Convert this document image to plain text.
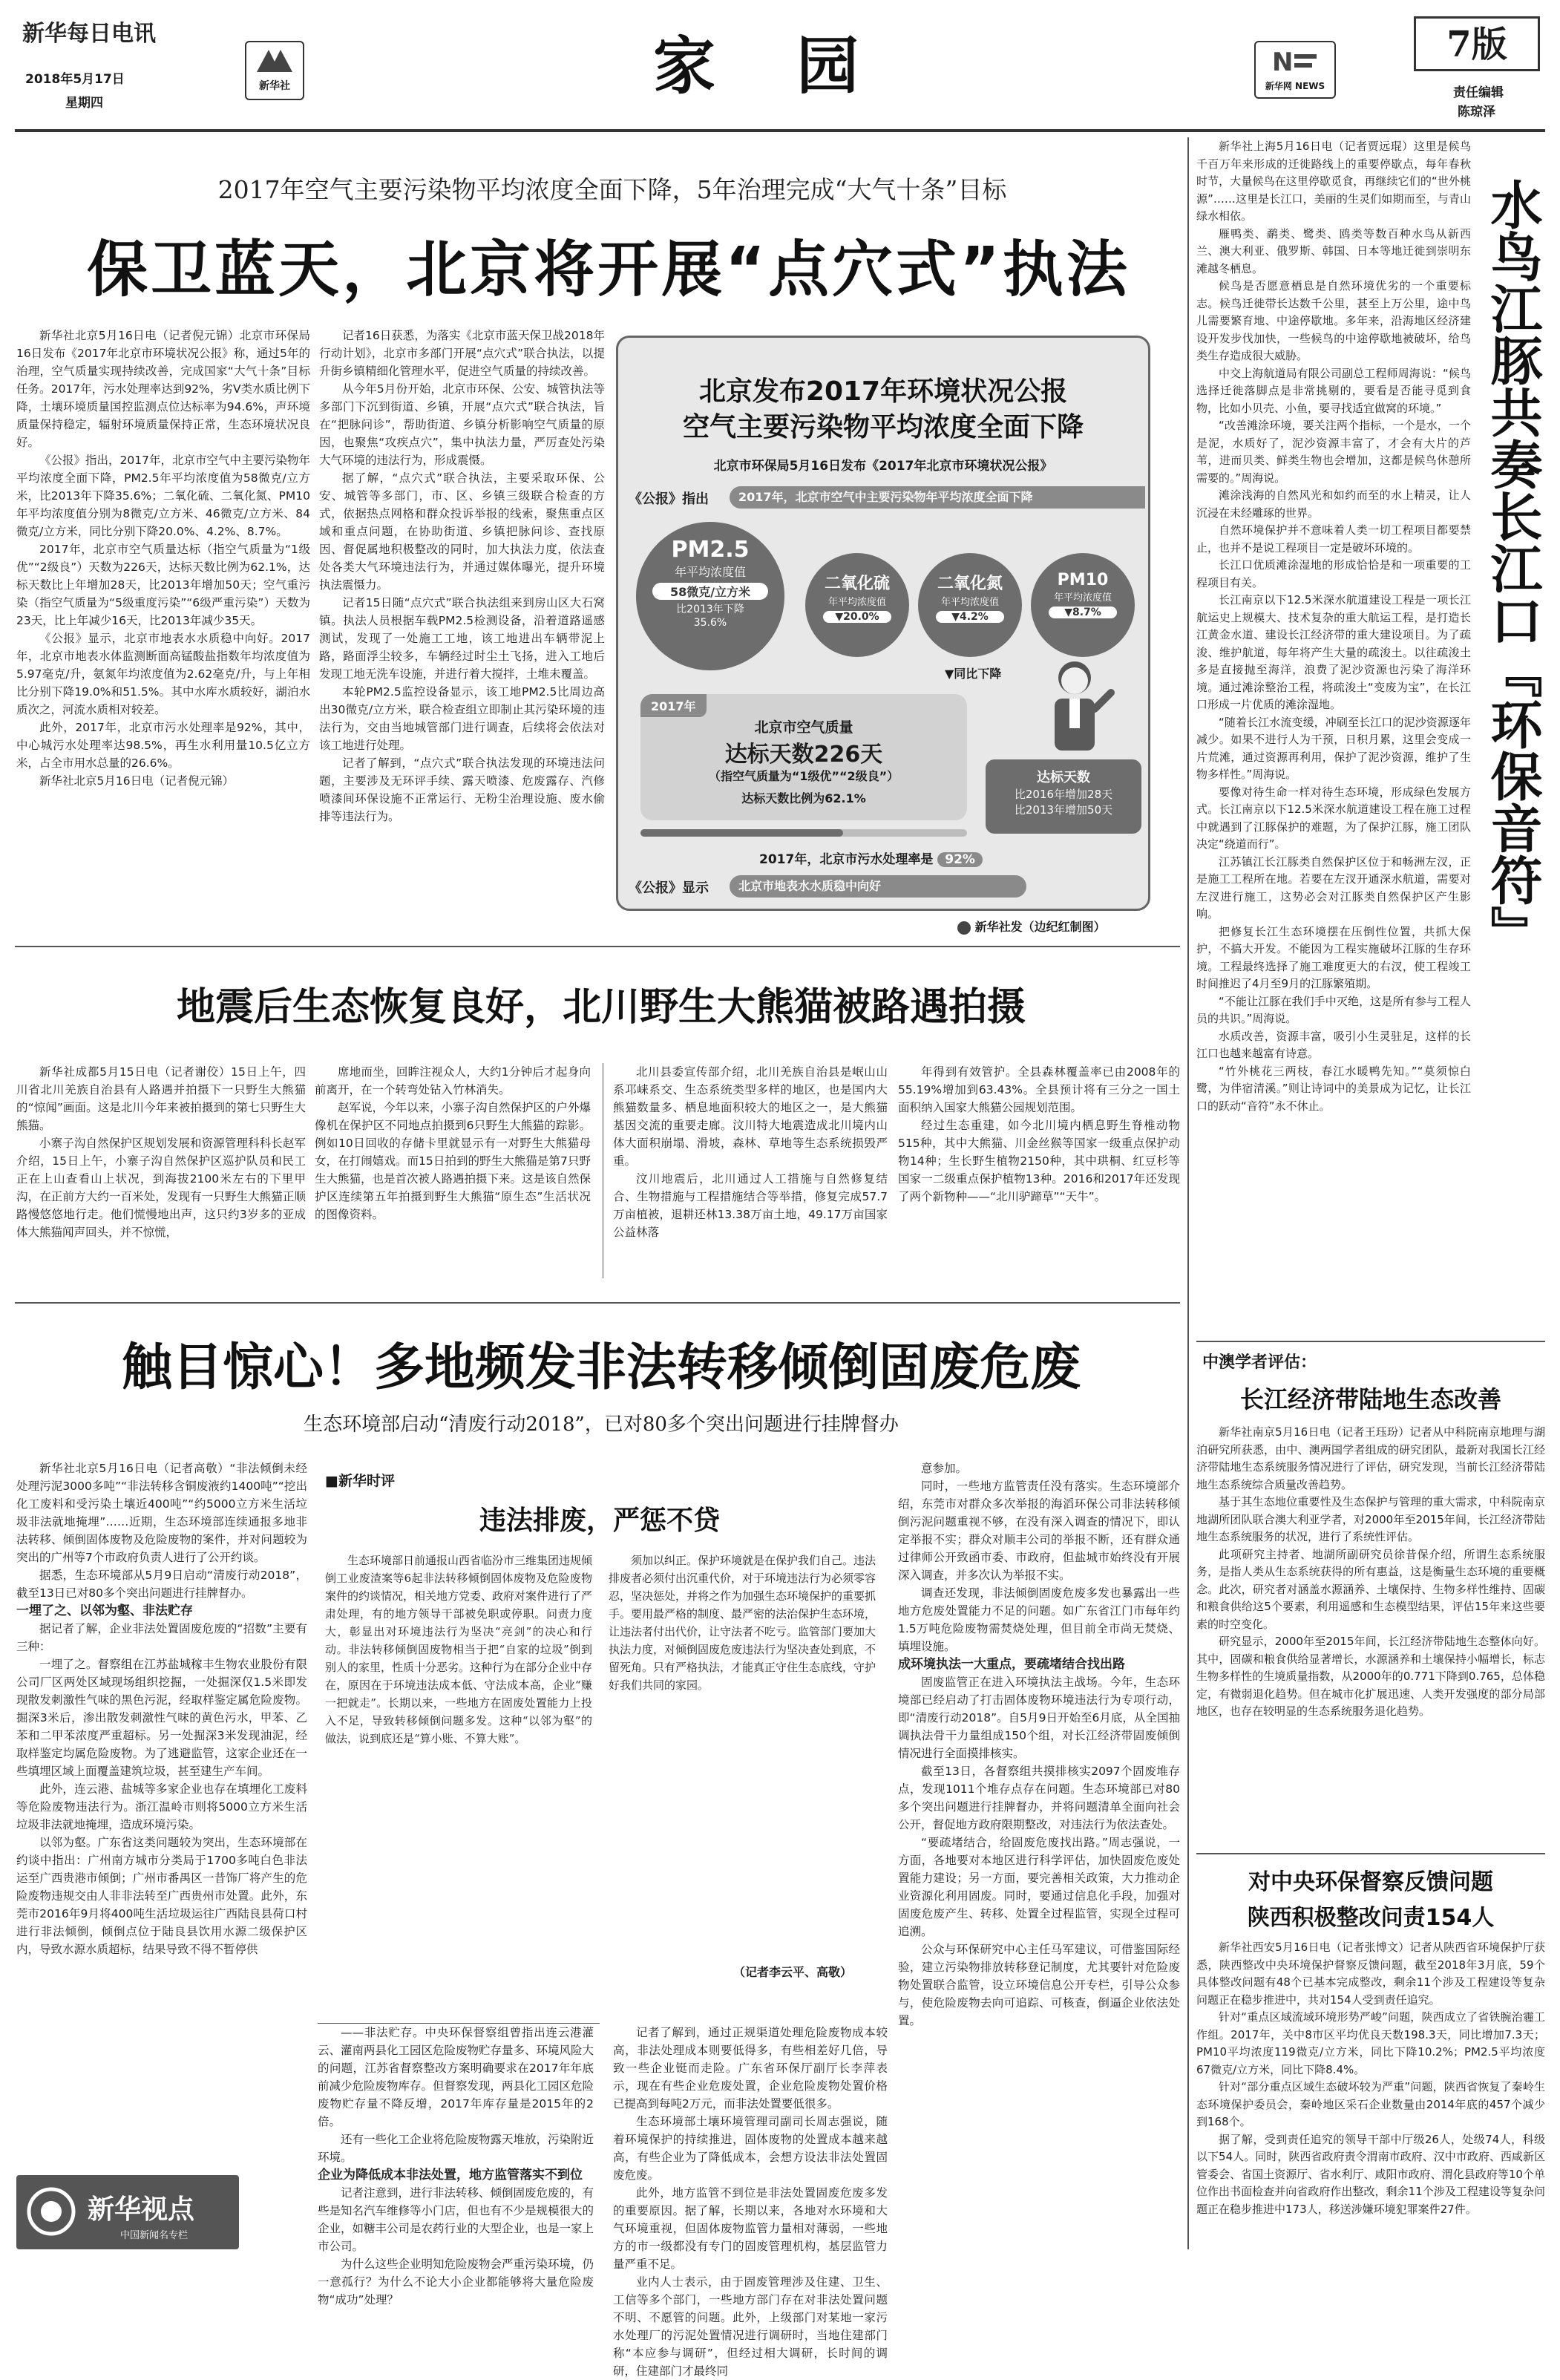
新华每日电讯
2018年5月17日
星期四
新华社	家 园	N
新华网 NEWS
7版
责任编辑
陈琼泽
2017年空气主要污染物平均浓度全面下降，5年治理完成“大气十条”目标
保卫蓝天，北京将开展“点穴式”执法

新华社北京5月16日电（记者倪元锦）北京市环保局16日发布《2017年北京市环境状况公报》称，通过5年的治理，空气质量实现持续改善，完成国家“大气十条”目标任务。2017年，污水处理率达到92%，劣V类水质比例下降，土壤环境质量国控监测点位达标率为94.6%，声环境质量保持稳定，辐射环境质量保持正常，生态环境状况良好。

《公报》指出，2017年，北京市空气中主要污染物年平均浓度全面下降，PM2.5年平均浓度值为58微克/立方米，比2013年下降35.6%；二氧化硫、二氧化氮、PM10年平均浓度值分别为8微克/立方米、46微克/立方米、84微克/立方米，同比分别下降20.0%、4.2%、8.7%。

2017年，北京市空气质量达标（指空气质量为“1级优”“2级良”）天数为226天，达标天数比例为62.1%，达标天数比上年增加28天，比2013年增加50天；空气重污染（指空气质量为“5级重度污染”“6级严重污染”）天数为23天，比上年减少16天，比2013年减少35天。

《公报》显示，北京市地表水水质稳中向好。2017年，北京市地表水体监测断面高锰酸盐指数年均浓度值为5.97毫克/升，氨氮年均浓度值为2.62毫克/升，与上年相比分别下降19.0%和51.5%。其中水库水质较好，湖泊水质次之，河流水质相对较差。

此外，2017年，北京市污水处理率是92%，其中，中心城污水处理率达98.5%，再生水利用量10.5亿立方米，占全市用水总量的26.6%。

新华社北京5月16日电（记者倪元锦）

记者16日获悉，为落实《北京市蓝天保卫战2018年行动计划》，北京市多部门开展“点穴式”联合执法，以提升街乡镇精细化管理水平，促进空气质量的持续改善。

从今年5月份开始，北京市环保、公安、城管执法等多部门下沉到街道、乡镇，开展“点穴式”联合执法，旨在“把脉问诊”，帮助街道、乡镇分析影响空气质量的原因，也聚焦“攻疾点穴”，集中执法力量，严厉查处污染大气环境的违法行为，形成震慑。

据了解，“点穴式”联合执法，主要采取环保、公安、城管等多部门，市、区、乡镇三级联合检查的方式，依据热点网格和群众投诉举报的线索，聚焦重点区域和重点问题，在协助街道、乡镇把脉问诊、查找原因、督促属地积极整改的同时，加大执法力度，依法查处各类大气环境违法行为，并通过媒体曝光，提升环境执法震慑力。

记者15日随“点穴式”联合执法组来到房山区大石窝镇。执法人员根据车载PM2.5检测设备，沿着道路遥感测试，发现了一处施工工地，该工地进出车辆带泥上路，路面浮尘较多，车辆经过时尘土飞扬，进入工地后发现工地无洗车设施，并进行着大搅拌，土堆未覆盖。

本轮PM2.5监控设备显示，该工地PM2.5比周边高出30微克/立方米，联合检查组立即制止其污染环境的违法行为，交由当地城管部门进行调查，后续将会依法对该工地进行处理。

记者了解到，“点穴式”联合执法发现的环境违法问题，主要涉及无环评手续、露天喷漆、危废露存、汽修喷漆间环保设施不正常运行、无粉尘治理设施、废水偷排等违法行为。

北京发布2017年环境状况公报
空气主要污染物平均浓度全面下降
北京市环保局5月16日发布《2017年北京市环境状况公报》
《公报》指出	2017年，北京市空气中主要污染物年平均浓度全面下降
PM2.5
年平均浓度值
58微克/立方米
比2013年下降35.6%
二氧化硫
年平均浓度值
▼20.0%
二氧化氮
年平均浓度值
▼4.2%
PM10
年平均浓度值
▼8.7%
▼同比下降
2017年
北京市空气质量
达标天数226天
（指空气质量为“1级优”“2级良”）
达标天数比例为62.1%
达标天数
比2016年增加28天
比2013年增加50天
2017年，北京市污水处理率是 92%
《公报》显示	北京市地表水水质稳中向好
新华社发（边纪红制图）
地震后生态恢复良好，北川野生大熊猫被路遇拍摄

新华社成都5月15日电（记者谢佼）15日上午，四川省北川羌族自治县有人路遇并拍摄下一只野生大熊猫的“惊闻”画面。这是北川今年来被拍摄到的第七只野生大熊猫。

小寨子沟自然保护区规划发展和资源管理科科长赵军介绍，15日上午，小寨子沟自然保护区巡护队员和民工正在上山查看山上状况，到海拔2100米左右的下里甲沟，在正前方大约一百米处，发现有一只野生大熊猫正顺路慢悠悠地行走。他们慌慢地出声，这只约3岁多的亚成体大熊猫闻声回头，并不惊慌，

席地而坐，回眸注视众人，大约1分钟后才起身向前离开，在一个转弯处钻入竹林消失。

赵军说，今年以来，小寨子沟自然保护区的户外爆像机在保护区不同地点拍摄到6只野生大熊猫的踪影。例如10日回收的存储卡里就显示有一对野生大熊猫母女，在打闹嬉戏。而15日拍到的野生大熊猫是第7只野生大熊猫，也是首次被人路遇拍摄下来。这是该自然保护区连续第五年拍摄到野生大熊猫“原生态”生活状况的图像资料。

北川县委宣传部介绍，北川羌族自治县是岷山山系邛崃系交、生态系统类型多样的地区，也是国内大熊猫数量多、栖息地面积较大的地区之一，是大熊猫基因交流的重要走廊。汶川特大地震造成北川境内山体大面积崩塌、滑坡，森林、草地等生态系统损毁严重。

汶川地震后，北川通过人工措施与自然修复结合、生物措施与工程措施结合等举措，修复完成57.7万亩植被，退耕还林13.38万亩土地，49.17万亩国家公益林落

年得到有效管护。全县森林覆盖率已由2008年的55.19%增加到63.43%。全县预计将有三分之一国土面积纳入国家大熊猫公园规划范围。

经过生态重建，如今北川境内栖息野生脊椎动物515种，其中大熊猫、川金丝猴等国家一级重点保护动物14种；生长野生植物2150种，其中珙桐、红豆杉等国家一二级重点保护植物13种。2016和2017年还发现了两个新物种——“北川驴蹄草”“天牛”。

触目惊心！多地频发非法转移倾倒固废危废
生态环境部启动“清废行动2018”，已对80多个突出问题进行挂牌督办

新华社北京5月16日电（记者高敬）“非法倾倒未经处理污泥3000多吨”“非法转移含铜废液约1400吨”“挖出化工废料和受污染土壤近400吨”“约5000立方米生活垃圾非法就地掩埋”……近期，生态环境部连续通报多地非法转移、倾倒固体废物及危险废物的案件，并对问题较为突出的广州等7个市政府负责人进行了公开约谈。

据悉，生态环境部从5月9日启动“清废行动2018”，截至13日已对80多个突出问题进行挂牌督办。

一埋了之、以邻为壑、非法贮存

据记者了解，企业非法处置固废危废的“招数”主要有三种：

一埋了之。督察组在江苏盐城稼丰生物农业股份有限公司厂区两处区域现场组织挖掘，一处掘深仅1.5米即发现散发刺激性气味的黑色污泥，经取样鉴定属危险废物。掘深3米后，渗出散发刺激性气味的黄色污水，甲苯、乙苯和二甲苯浓度严重超标。另一处掘深3米发现油泥，经取样鉴定均属危险废物。为了逃避监管，这家企业还在一些填埋区域上面覆盖建筑垃圾，甚至建生产车间。

此外，连云港、盐城等多家企业也存在填埋化工废料等危险废物违法行为。浙江温岭市则将5000立方米生活垃圾非法就地掩埋，造成环境污染。

以邻为壑。广东省这类问题较为突出，生态环境部在约谈中指出：广州南方城市分类局于1700多吨白色非法运至广西贵港市倾倒；广州市番禺区一昔饰厂将产生的危险废物违规交由人非非法转至广西贵州市处置。此外，东莞市2016年9月将400吨生活垃圾运往广西陆良县荷口村进行非法倾倒，倾倒点位于陆良县饮用水源二级保护区内，导致水源水质超标，结果导致不得不暂停供

新华视点
中国新闻名专栏
■新华时评
违法排废，严惩不贷
生态环境部日前通报山西省临汾市三维集团违规倾倒工业废渣案等6起非法转移倾倒固体废物及危险废物案件的约谈情况，相关地方党委、政府对案件进行了严肃处理，有的地方领导干部被免职或停职。问责力度大，彰显出对环境违法行为坚决“亮剑”的决心和行动。非法转移倾倒固废物相当于把“自家的垃圾”倒到别人的家里，性质十分恶劣。这种行为在部分企业中存在，原因在于环境违法成本低、守法成本高，企业“赚一把就走”。长期以来，一些地方在固废处置能力上投入不足，导致转移倾倒问题多发。这种“以邻为壑”的做法，说到底还是“算小账、不算大账”。
须加以纠正。保护环境就是在保护我们自己。违法排废者必须付出沉重代价，对于环境违法行为必须零容忍，坚决惩处，并将之作为加强生态环境保护的重要抓手。要用最严格的制度、最严密的法治保护生态环境，让违法者付出代价，让守法者不吃亏。监管部门要加大执法力度，对倾倒固废危废违法行为坚决查处到底，不留死角。只有严格执法，才能真正守住生态底线，守护好我们共同的家园。
（记者李云平、高敬）

——非法贮存。中央环保督察组曾指出连云港灌云、灌南两县化工园区危险废物贮存量多、环境风险大的问题，江苏省督察整改方案明确要求在2017年年底前减少危险废物库存。但督察发现，两县化工园区危险废物贮存量不降反增，2017年库存量是2015年的2倍。

还有一些化工企业将危险废物露天堆放，污染附近环境。

企业为降低成本非法处置，地方监管落实不到位

记者注意到，进行非法转移、倾倒固废危废的，有些是知名汽车维修等小门店，但也有不少是规模很大的企业，如糖丰公司是农药行业的大型企业，也是一家上市公司。

为什么这些企业明知危险废物会严重污染环境，仍一意孤行？为什么不论大小企业都能够将大量危险废物“成功”处理？

记者了解到，通过正规渠道处理危险废物成本较高，非法处理成本则要低得多，有些相差好几倍，导致一些企业铤而走险。广东省环保厅副厅长李萍表示，现在有些企业危废处置，企业危险废物处置价格已提高到每吨2万元，而非法处置要低很多。

生态环境部土壤环境管理司副司长周志强说，随着环境保护的持续推进，固体废物的处置成本越来越高，有些企业为了降低成本，会想方设法非法处置固废危废。

此外，地方监管不到位是非法处置固废危废多发的重要原因。据了解，长期以来，各地对水环境和大气环境重视，但固体废物监管力量相对薄弱，一些地方的市一级都没有专门的固废管理机构，基层监管力量严重不足。

业内人士表示，由于固废管理涉及住建、卫生、工信等多个部门，一些地方部门存在对非法处置问题不明、不愿管的问题。此外，上级部门对某地一家污水处理厂的污泥处置情况进行调研时，当地住建部门称“本应参与调研”，但经过相大调研，长时间的调研，住建部门才最终同

意参加。

同时，一些地方监管责任没有落实。生态环境部介绍，东莞市对群众多次举报的海滔环保公司非法转移倾倒污泥问题重视不够，在没有深入调查的情况下，即认定举报不实；群众对顺丰公司的举报不断，还有群众通过律师公开致函市委、市政府，但盐城市始终没有开展深入调查，并多次认为举报不实。

调查还发现，非法倾倒固废危废多发也暴露出一些地方危废处置能力不足的问题。如广东省江门市每年约1.5万吨危险废物需焚烧处理，但目前全市尚无焚烧、填埋设施。

成环境执法一大重点，要疏堵结合找出路

固废监管正在进入环境执法主战场。今年，生态环境部已经启动了打击固体废物环境违法行为专项行动，即“清废行动2018”。自5月9日开始至6月底，从全国抽调执法骨干力量组成150个组，对长江经济带固废倾倒情况进行全面摸排核实。

截至13日，各督察组共摸排核实2097个固废堆存点，发现1011个堆存点存在问题。生态环境部已对80多个突出问题进行挂牌督办，并将问题清单全面向社会公开，督促地方政府限期整改，对违法行为依法查处。

“要疏堵结合，给固废危废找出路。”周志强说，一方面，各地要对本地区进行科学评估，加快固废危废处置能力建设；另一方面，要完善相关政策，大力推动企业资源化利用固废。同时，要通过信息化手段，加强对固废危废产生、转移、处置全过程监管，实现全过程可追溯。

公众与环保研究中心主任马军建议，可借鉴国际经验，建立污染物排放转移登记制度，尤其要针对危险废物处置联合监管，设立环境信息公开专栏，引导公众参与，使危险废物去向可追踪、可核查，倒逼企业依法处置。

新华社上海5月16日电（记者贾远琨）这里是候鸟千百万年来形成的迁徙路线上的重要停歇点，每年春秋时节，大量候鸟在这里停歇觅食，再继续它们的“世外桃源”……这里是长江口，美丽的生灵们如期而至，与青山绿水相依。

雁鸭类、鹬类、鹭类、鸥类等数百种水鸟从新西兰、澳大利亚、俄罗斯、韩国、日本等地迁徙到崇明东滩越冬栖息。

候鸟是否愿意栖息是自然环境优劣的一个重要标志。候鸟迁徙带长达数千公里，甚至上万公里，途中鸟儿需要繁育地、中途停歇地。多年来，沿海地区经济建设开发步伐加快，一些候鸟的中途停歇地被破坏，给鸟类生存造成很大威胁。

中交上海航道局有限公司副总工程师周海说：“候鸟选择迁徙落脚点是非常挑剔的，要看是否能寻觅到食物，比如小贝壳、小鱼，要寻找适宜做窝的环境。”

“改善滩涂环境，要关注两个指标，一个是水，一个是泥，水质好了，泥沙资源丰富了，才会有大片的芦苇，进而贝类、鲜类生物也会增加，这都是候鸟休憩所需要的。”周海说。

滩涂浅海的自然风光和如约而至的水上精灵，让人沉浸在未经雕琢的世界。

自然环境保护并不意味着人类一切工程项目都要禁止，也并不是说工程项目一定是破坏环境的。

长江口优质滩涂湿地的形成恰恰是和一项重要的工程项目有关。

长江南京以下12.5米深水航道建设工程是一项长江航运史上规模大、技术复杂的重大航运工程，是打造长江黄金水道、建设长江经济带的重大建设项目。为了疏浚、维护航道，每年将产生大量的疏浚土。以往疏浚土多是直接抛至海洋，浪费了泥沙资源也污染了海洋环境。通过滩涂整治工程，将疏浚土“变废为宝”，在长江口形成一片优质的滩涂湿地。

“随着长江水流变缓，冲刷至长江口的泥沙资源逐年减少。如果不进行人为干预，日积月累，这里会变成一片荒滩，通过资源再利用，保护了泥沙资源，维护了生物多样性。”周海说。

要像对待生命一样对待生态环境，形成绿色发展方式。长江南京以下12.5米深水航道建设工程在施工过程中就遇到了江豚保护的难题，为了保护江豚，施工团队决定“绕道而行”。

江苏镇江长江豚类自然保护区位于和畅洲左汊，正是施工工程所在地。若要在左汊开通深水航道，需要对左汊进行施工，这势必会对江豚类自然保护区产生影响。

把修复长江生态环境摆在压倒性位置，共抓大保护，不搞大开发。不能因为工程实施破坏江豚的生存环境。工程最终选择了施工难度更大的右汊，使工程竣工时间推迟了4月至9月的江豚繁殖期。

“不能让江豚在我们手中灭绝，这是所有参与工程人员的共识。”周海说。

水质改善，资源丰富，吸引小生灵驻足，这样的长江口也越来越富有诗意。

“竹外桃花三两枝，春江水暖鸭先知。”“莫须惊白鹭，为伴宿清溪。”则让诗词中的美景成为记忆，让长江口的跃动“音符”永不休止。

水鸟江豚共奏长江口『环保音符』
中澳学者评估：
长江经济带陆地生态改善

新华社南京5月16日电（记者王珏玢）记者从中科院南京地理与湖泊研究所获悉，由中、澳两国学者组成的研究团队，最新对我国长江经济带陆地生态系统服务情况进行了评估，研究发现，当前长江经济带陆地生态系统综合质量改善趋势。

基于其生态地位重要性及生态保护与管理的重大需求，中科院南京地湖所团队联合澳大利亚学者，对2000年至2015年间，长江经济带陆地生态系统服务的状况，进行了系统性评估。

此项研究主持者、地湖所副研究员徐昔保介绍，所谓生态系统服务，是指人类从生态系统获得的所有惠益，这是衡量生态环境的重要概念。此次，研究者对涵盖水源涵养、土壤保持、生物多样性维持、固碳和粮食供给这5个要素，利用遥感和生态模型结果，评估15年来这些要素的时空变化。

研究显示，2000年至2015年间，长江经济带陆地生态整体向好。其中，固碳和粮食供给显著增长，水源涵养和土壤保持小幅增长，标志生物多样性的生境质量指数，从2000年的0.771下降到0.765，总体稳定，有微弱退化趋势。但在城市化扩展迅速、人类开发强度的部分局部地区，也存在较明显的生态系统服务退化趋势。

对中央环保督察反馈问题
陕西积极整改问责154人

新华社西安5月16日电（记者张博文）记者从陕西省环境保护厅获悉，陕西整改中央环境保护督察反馈问题，截至2018年3月底，59个具体整改问题有48个已基本完成整改，剩余11个涉及工程建设等复杂问题正在稳步推进中，共对154人受到责任追究。

针对“重点区域流域环境形势严峻”问题，陕西成立了省铁腕治霾工作组。2017年，关中8市区平均优良天数198.3天，同比增加7.3天；PM10平均浓度119微克/立方米，同比下降10.2%；PM2.5平均浓度67微克/立方米，同比下降8.4%。

针对“部分重点区域生态破坏较为严重”问题，陕西省恢复了秦岭生态环境保护委员会，秦岭地区采石企业数量由2014年底的457个减少到168个。

据了解，受到责任追究的领导干部中厅级26人，处级74人，科级以下54人。同时，陕西省政府责令渭南市政府、汉中市政府、西咸新区管委会、省国土资源厅、省水利厅、咸阳市政府、渭化县政府等10个单位作出书面检查并向省政府作出整改，剩余11个涉及工程建设等复杂问题正在稳步推进中173人，移送涉嫌环境犯罪案件27件。
